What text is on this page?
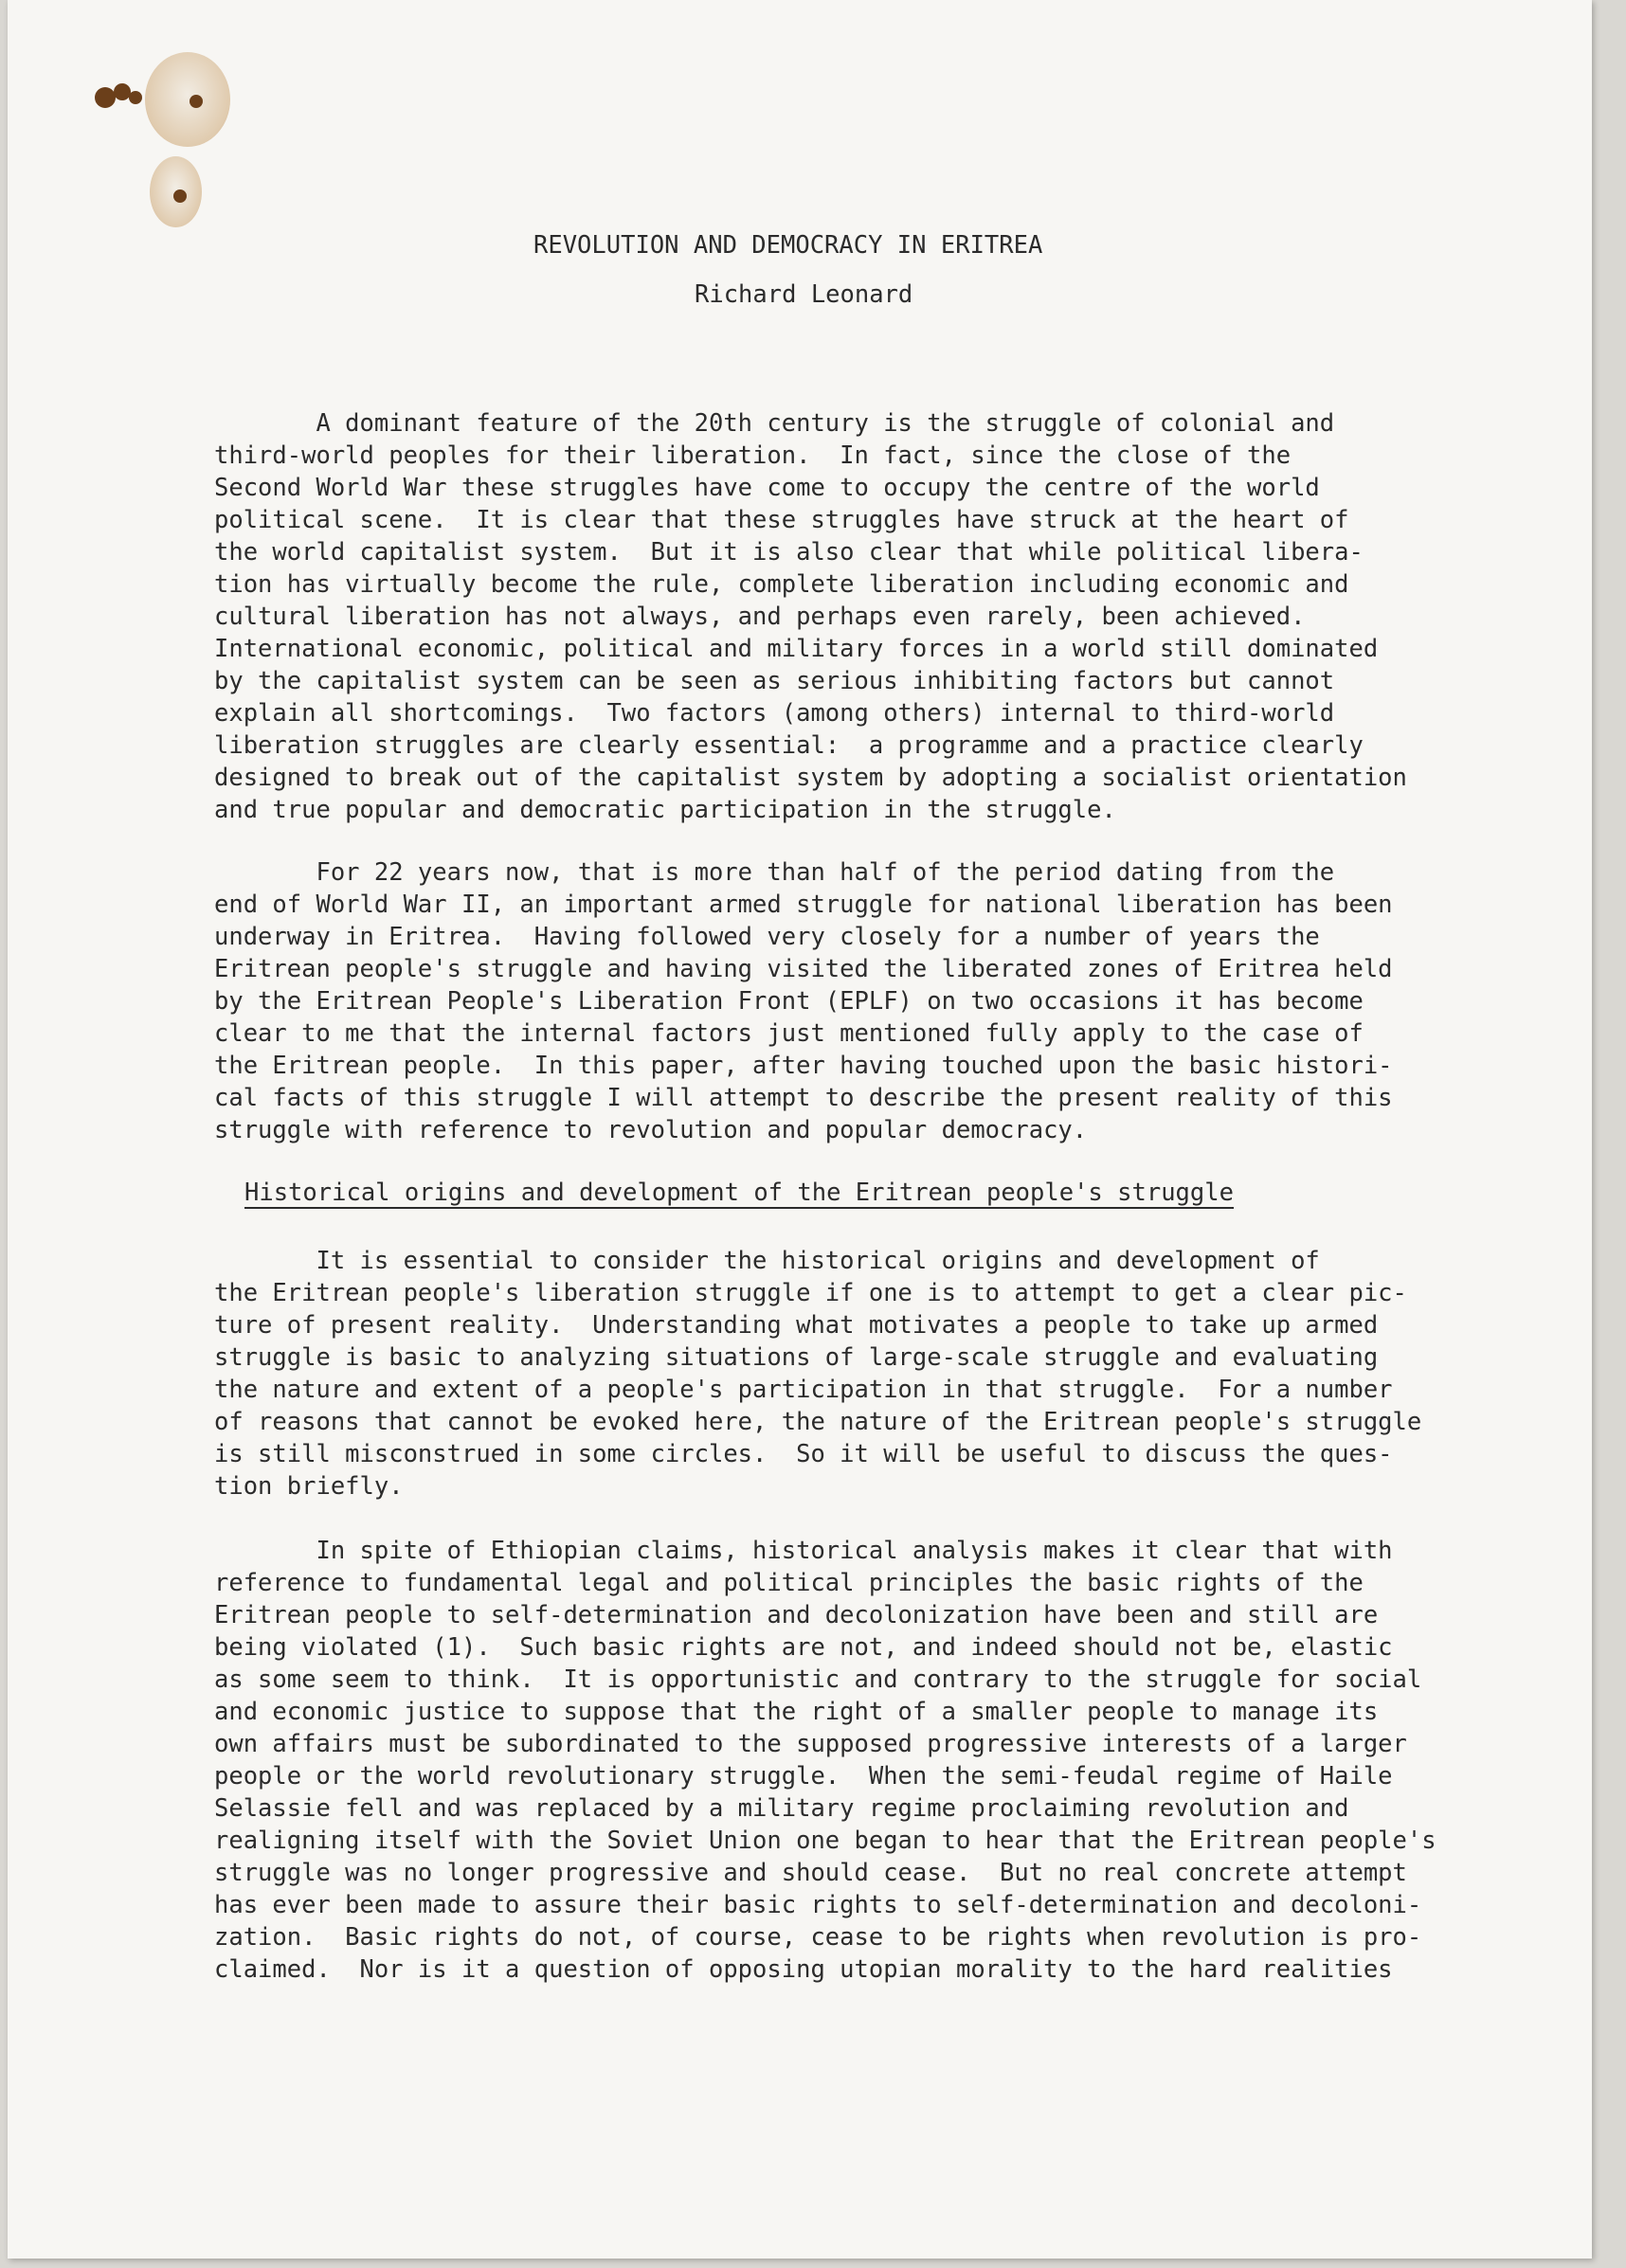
REVOLUTION AND DEMOCRACY IN ERITREA
Richard Leonard
A dominant feature of the 20th century is the struggle of colonial and
third-world peoples for their liberation.  In fact, since the close of the
Second World War these struggles have come to occupy the centre of the world
political scene.  It is clear that these struggles have struck at the heart of
the world capitalist system.  But it is also clear that while political libera-
tion has virtually become the rule, complete liberation including economic and
cultural liberation has not always, and perhaps even rarely, been achieved.
International economic, political and military forces in a world still dominated
by the capitalist system can be seen as serious inhibiting factors but cannot
explain all shortcomings.  Two factors (among others) internal to third-world
liberation struggles are clearly essential:  a programme and a practice clearly
designed to break out of the capitalist system by adopting a socialist orientation
and true popular and democratic participation in the struggle.
For 22 years now, that is more than half of the period dating from the
end of World War II, an important armed struggle for national liberation has been
underway in Eritrea.  Having followed very closely for a number of years the
Eritrean people's struggle and having visited the liberated zones of Eritrea held
by the Eritrean People's Liberation Front (EPLF) on two occasions it has become
clear to me that the internal factors just mentioned fully apply to the case of
the Eritrean people.  In this paper, after having touched upon the basic histori-
cal facts of this struggle I will attempt to describe the present reality of this
struggle with reference to revolution and popular democracy.
Historical origins and development of the Eritrean people's struggle
It is essential to consider the historical origins and development of
the Eritrean people's liberation struggle if one is to attempt to get a clear pic-
ture of present reality.  Understanding what motivates a people to take up armed
struggle is basic to analyzing situations of large-scale struggle and evaluating
the nature and extent of a people's participation in that struggle.  For a number
of reasons that cannot be evoked here, the nature of the Eritrean people's struggle
is still misconstrued in some circles.  So it will be useful to discuss the ques-
tion briefly.
In spite of Ethiopian claims, historical analysis makes it clear that with
reference to fundamental legal and political principles the basic rights of the
Eritrean people to self-determination and decolonization have been and still are
being violated (1).  Such basic rights are not, and indeed should not be, elastic
as some seem to think.  It is opportunistic and contrary to the struggle for social
and economic justice to suppose that the right of a smaller people to manage its
own affairs must be subordinated to the supposed progressive interests of a larger
people or the world revolutionary struggle.  When the semi-feudal regime of Haile
Selassie fell and was replaced by a military regime proclaiming revolution and
realigning itself with the Soviet Union one began to hear that the Eritrean people's
struggle was no longer progressive and should cease.  But no real concrete attempt
has ever been made to assure their basic rights to self-determination and decoloni-
zation.  Basic rights do not, of course, cease to be rights when revolution is pro-
claimed.  Nor is it a question of opposing utopian morality to the hard realities
